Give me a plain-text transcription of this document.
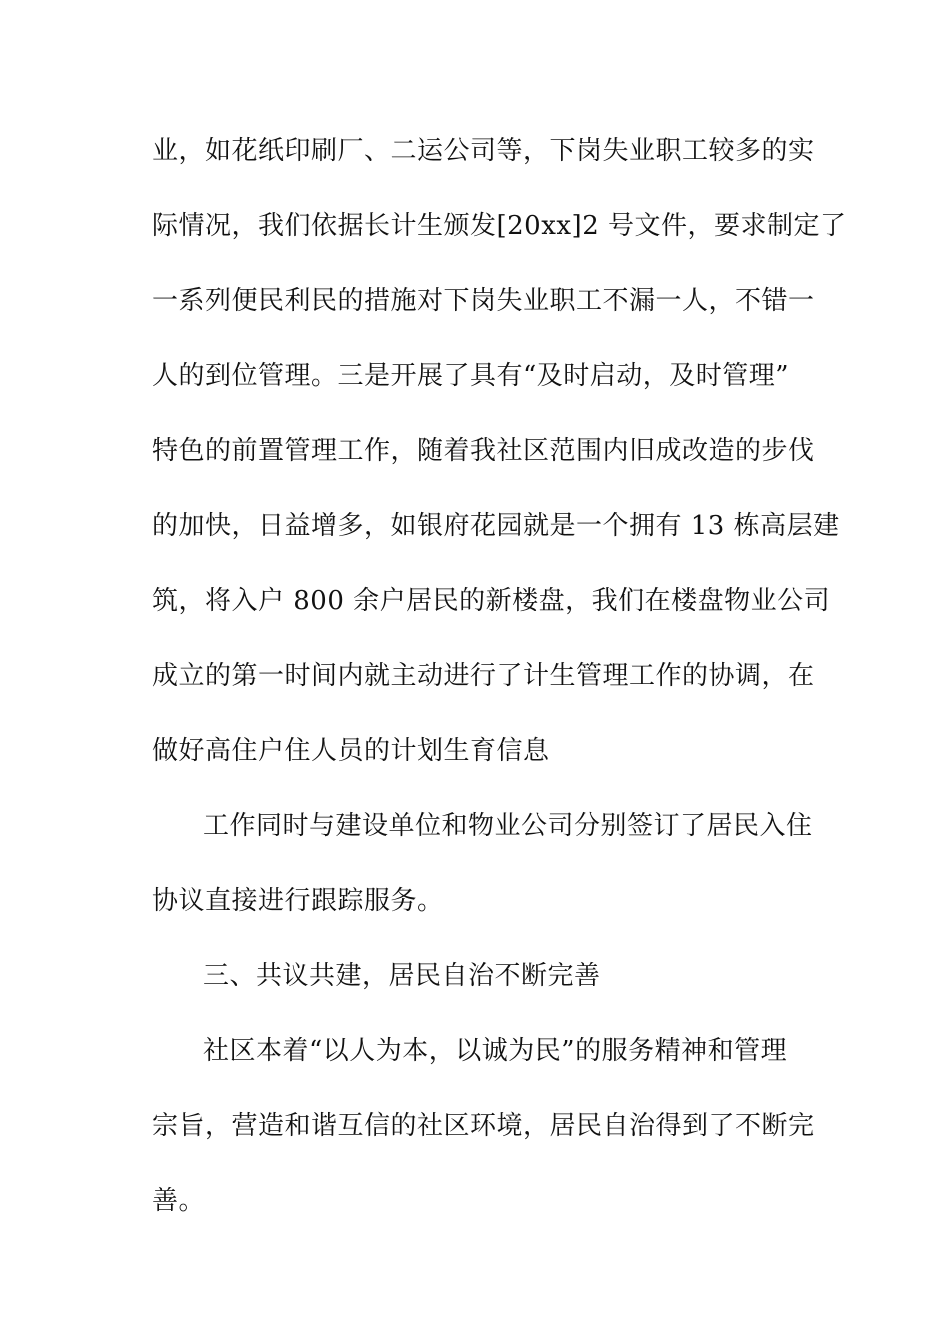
业，如花纸印刷厂、二运公司等，下岗失业职工较多的实
际情况，我们依据长计生颁发[20xx]2 号文件，要求制定了
一系列便民利民的措施对下岗失业职工不漏一人，不错一
人的到位管理。三是开展了具有“及时启动，及时管理”
特色的前置管理工作，随着我社区范围内旧成改造的步伐
的加快，日益增多，如银府花园就是一个拥有 13 栋高层建
筑，将入户 800 余户居民的新楼盘，我们在楼盘物业公司
成立的第一时间内就主动进行了计生管理工作的协调，在
做好高住户住人员的计划生育信息
工作同时与建设单位和物业公司分别签订了居民入住
协议直接进行跟踪服务。
三、共议共建，居民自治不断完善
社区本着“以人为本，以诚为民”的服务精神和管理
宗旨，营造和谐互信的社区环境，居民自治得到了不断完
善。
